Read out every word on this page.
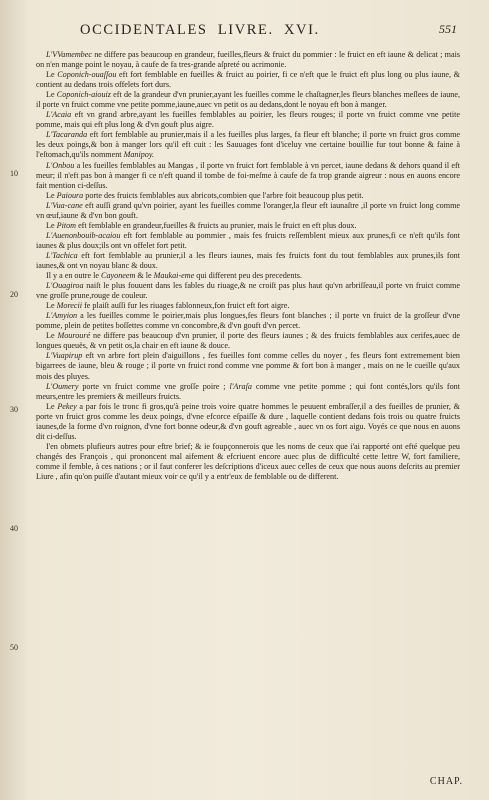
OCCIDENTALES LIVRE. XVI.	551
10
20
30
40
50

L'VVamembec ne differe pas beaucoup en grandeur, fueilles,fleurs & fruict du pommier : le fruict en eft iaune & delicat ; mais on n'en mange point le noyau, à caufe de fa tres-grande aſpreté ou acrimonie.

Le Coponich-ouaſſou eft fort femblable en fueilles & fruict au poirier, fi ce n'eft que le fruict eft plus long ou plus iaune, & contient au dedans trois offelets fort durs.

Le Coponich-aiouiz eft de la grandeur d'vn prunier,ayant les fueilles comme le chaſtagner,les fleurs blanches meſlees de iaune, il porte vn fruict comme vne petite pomme,iaune,auec vn petit os au dedans,dont le noyau eft bon à manger.

L'Acaia eft vn grand arbre,ayant les fueilles femblables au poirier, les fleurs rouges; il porte vn fruict comme vne petite pomme, mais qui eft plus long & d'vn gouft plus aigre.

L'Tacaranda eft fort femblable au prunier,mais il a les fueilles plus larges, fa fleur eft blanche; il porte vn fruict gros comme les deux poings,& bon à manger lors qu'il eft cuit : les Sauuages font d'iceluy vne certaine bouillie fur tout bonne & faine à l'eſtomach,qu'ils nomment Manipoy.

L'Onbou a les fueilles femblables au Mangas , il porte vn fruict fort femblable à vn percet, iaune dedans & dehors quand il eft meur; il n'eft pas bon à manger fi ce n'eft quand il tombe de foi-meſme à caufe de fa trop grande aigreur : nous en auons encore fait mention ci-deſſus.

Le Paioura porte des fruicts femblables aux abricots,combien que l'arbre foit beaucoup plus petit.

L'Vua-cane eft auſſi grand qu'vn poirier, ayant les fueilles comme l'oranger,la fleur eft iaunaſtre ,il porte vn fruict long comme vn œuf,iaune & d'vn bon gouft.

Le Pitom eft femblable en grandeur,fueilles & fruicts au prunier, mais le fruict en eft plus doux.

L'Auenonbouib-acaiou eft fort femblable au pommier , mais fes fruicts reſſemblent mieux aux prunes,fi ce n'eft qu'ils font iaunes & plus doux;ils ont vn offelet fort petit.

L'Tachica eft fort femblable au prunier,il a les fleurs iaunes, mais fes fruicts font du tout femblables aux prunes,ils font iaunes,& ont vn noyau blanc & doux.

Il y a en outre le Cayoneem & le Maukai-eme qui different peu des precedents.

L'Ouagiroa naiſt le plus fouuent dans les fables du riuage,& ne croiſt pas plus haut qu'vn arbriſſeau,il porte vn fruict comme vne groſſe prune,rouge de couleur.

Le Morecii fe plaiſt auſſi fur les riuages fablonneux,fon fruict eft fort aigre.

L'Amyion a les fueilles comme le poirier,mais plus longues,fes fleurs font blanches ; il porte vn fruict de la groſſeur d'vne pomme, plein de petites boſſettes comme vn concombre,& d'vn gouft d'vn percet.

Le Mourouré ne differe pas beaucoup d'vn prunier, il porte des fleurs iaunes ; & des fruicts femblables aux cerifes,auec de longues queuës, & vn petit os,la chair en eft iaune & douce.

L'Vuapirup eft vn arbre fort plein d'aiguillons , fes fueilles font comme celles du noyer , fes fleurs font extremement bien bigarrees de iaune, bleu & rouge ; il porte vn fruict rond comme vne pomme & fort bon à manger , mais on ne le cueille qu'aux mois des pluyes.

L'Oumery porte vn fruict comme vne groſſe poire ; l'Araſa comme vne petite pomme ; qui font contés,lors qu'ils font meurs,entre les premiers & meilleurs fruicts.

Le Pekey a par fois le tronc fi gros,qu'à peine trois voire quatre hommes le peuuent embraſſer,il a des fueilles de prunier, & porte vn fruict gros comme les deux poings, d'vne efcorce eſpaiſſe & dure , laquelle contient dedans fois trois ou quatre fruicts iaunes,de la forme d'vn roignon, d'vne fort bonne odeur,& d'vn gouft agreable , auec vn os fort aigu. Voyés ce que nous en auons dit ci-deſſus.

I'en obmets plufieurs autres pour eftre brief; & ie foupçonnerois que les noms de ceux que i'ai rapporté ont efté quelque peu changés des François , qui prononcent mal aifement & efcriuent encore auec plus de difficulté cette lettre W, fort familiere, comme il femble, à ces nations ; or il faut conferer les deſcriptions d'iceux auec celles de ceux que nous auons deſcrits au premier Liure , afin qu'on puiſſe d'autant mieux voir ce qu'il y a entr'eux de femblable ou de different.

CHAP.
